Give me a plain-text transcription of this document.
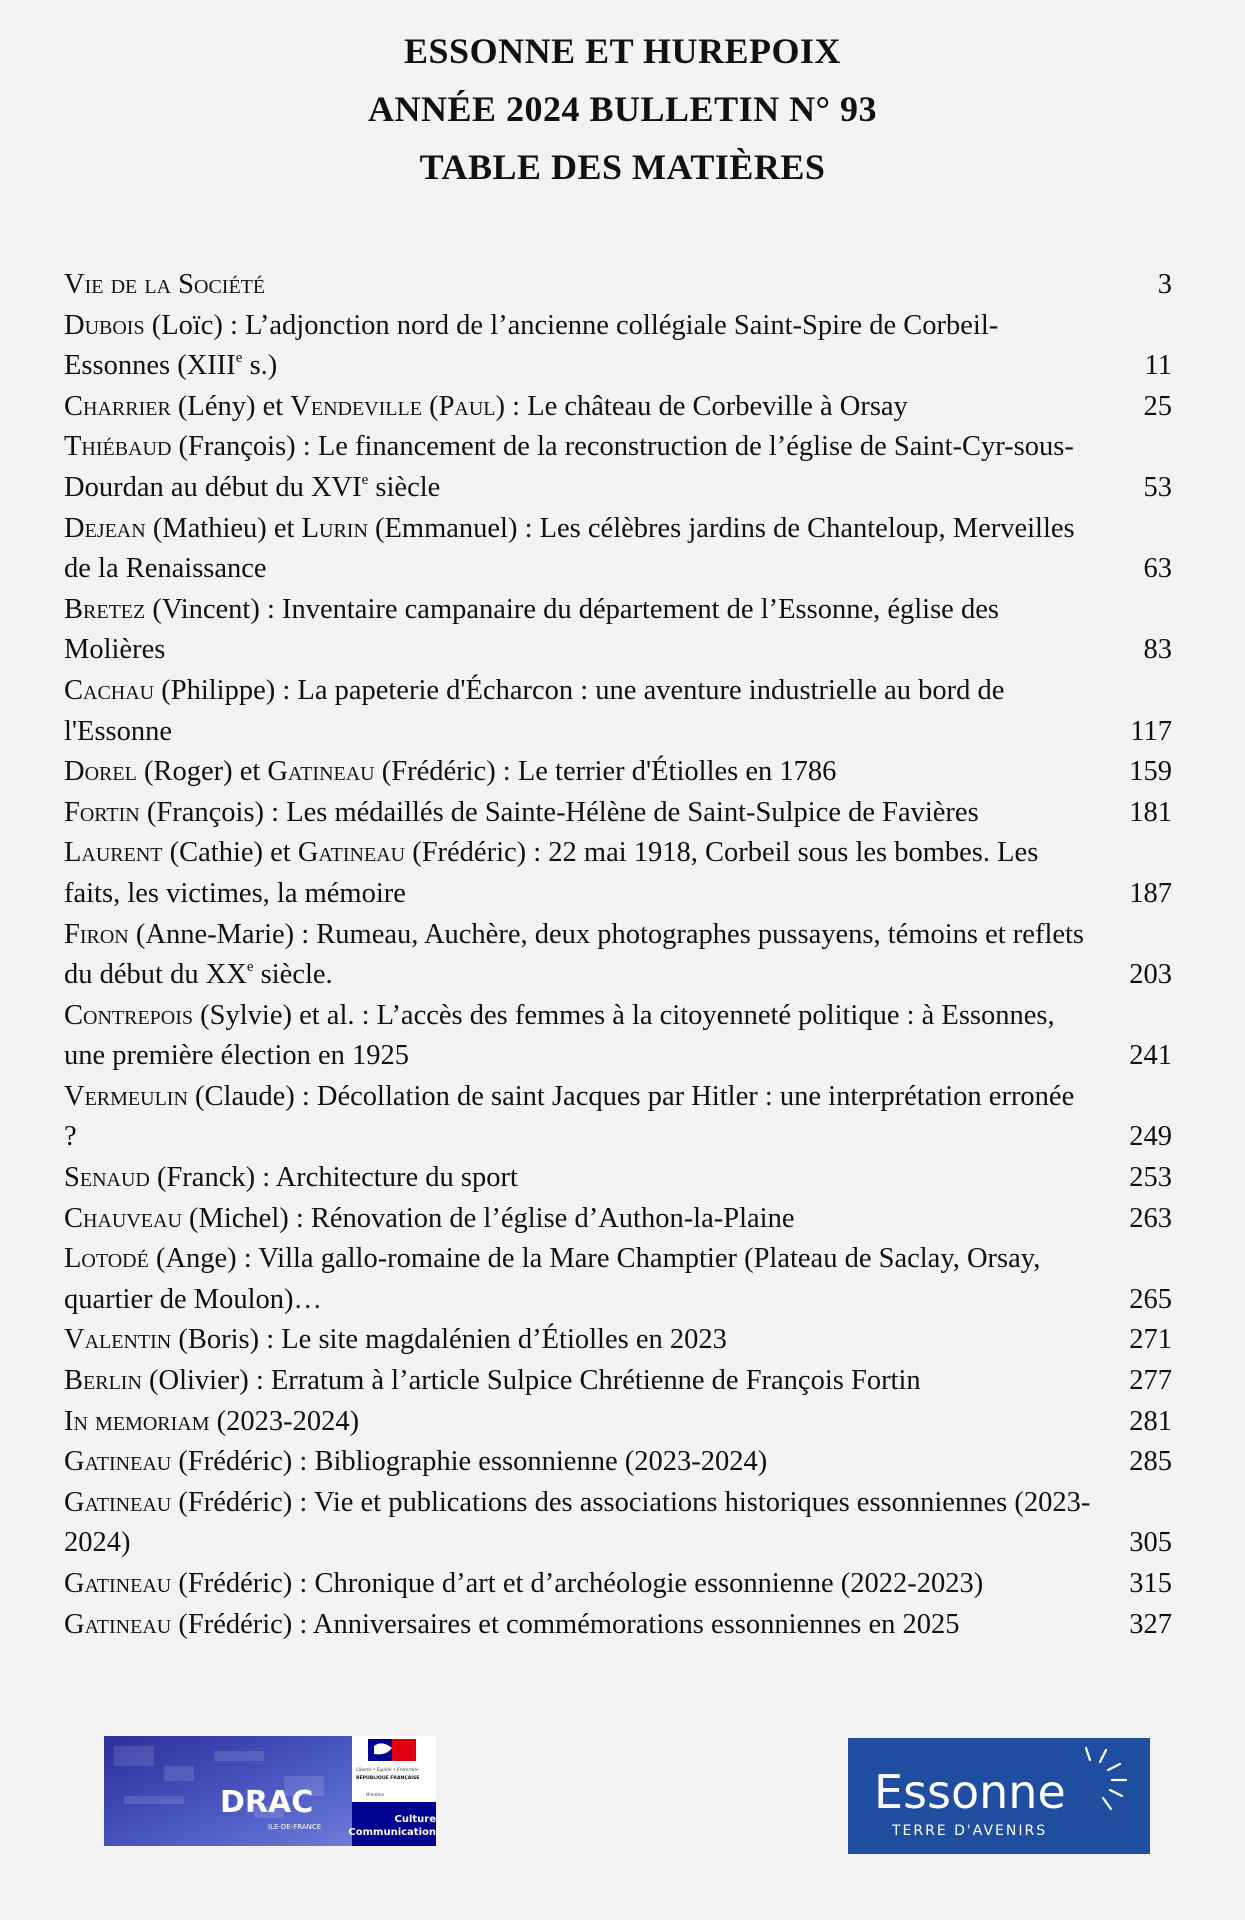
ESSONNE ET HUREPOIX
ANNÉE 2024 BULLETIN N° 93
TABLE DES MATIÈRES
Vie de la Société	3
Dubois (Loïc) : L’adjonction nord de l’ancienne collégiale Saint-Spire de Corbeil-Essonnes (XIIIe s.)	11
Charrier (Lény) et Vendeville (Paul) : Le château de Corbeville à Orsay	25
Thiébaud (François) : Le financement de la reconstruction de l’église de Saint-Cyr-sous-Dourdan au début du XVIe siècle	53
Dejean (Mathieu) et Lurin (Emmanuel) : Les célèbres jardins de Chanteloup, Merveilles de la Renaissance	63
Bretez (Vincent) : Inventaire campanaire du département de l’Essonne, église des Molières	83
Cachau (Philippe) : La papeterie d'Écharcon : une aventure industrielle au bord de l'Essonne	117
Dorel (Roger) et Gatineau (Frédéric) : Le terrier d'Étiolles en 1786	159
Fortin (François) : Les médaillés de Sainte-Hélène de Saint-Sulpice de Favières	181
Laurent (Cathie) et Gatineau (Frédéric) : 22 mai 1918, Corbeil sous les bombes. Les faits, les victimes, la mémoire	187
Firon (Anne-Marie) : Rumeau, Auchère, deux photographes pussayens, témoins et reflets du début du XXe siècle.	203
Contrepois (Sylvie) et al. : L’accès des femmes à la citoyenneté politique : à Essonnes, une première élection en 1925	241
Vermeulin (Claude) : Décollation de saint Jacques par Hitler : une interprétation erronée ?	249
Senaud (Franck) : Architecture du sport	253
Chauveau (Michel) : Rénovation de l’église d’Authon-la-Plaine	263
Lotodé (Ange) : Villa gallo-romaine de la Mare Champtier (Plateau de Saclay, Orsay, quartier de Moulon)…	265
Valentin (Boris) : Le site magdalénien d’Étiolles en 2023	271
Berlin (Olivier) : Erratum à l’article Sulpice Chrétienne de François Fortin	277
In memoriam (2023-2024)	281
Gatineau (Frédéric) : Bibliographie essonnienne (2023-2024)	285
Gatineau (Frédéric) : Vie et publications des associations historiques essonniennes (2023-2024)	305
Gatineau (Frédéric) : Chronique d’art et d’archéologie essonnienne (2022-2023)	315
Gatineau (Frédéric) : Anniversaires et commémorations essonniennes en 2025	327
DRAC
ILE-DE-FRANCE
Liberté • Égalité • Fraternité
RÉPUBLIQUE FRANÇAISE
Ministère
Culture
Communication
Essonne
TERRE D'AVENIRS
